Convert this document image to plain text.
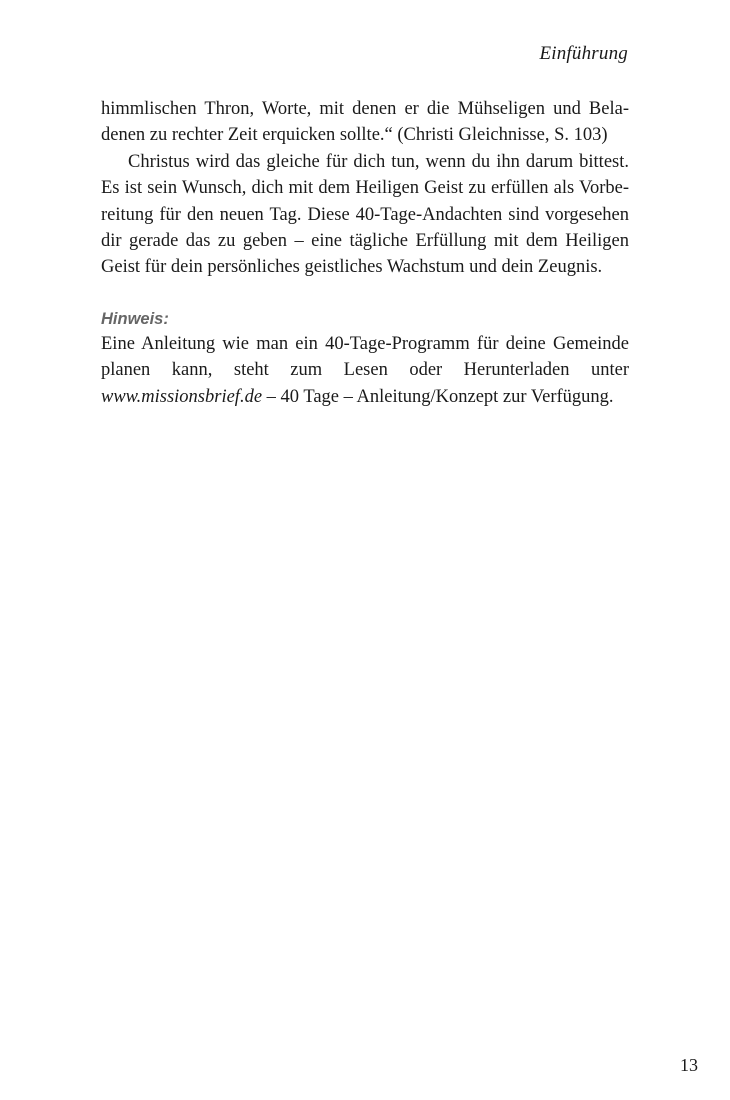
Einführung

himmlischen Thron, Worte, mit denen er die Mühseligen und Beladenen zu rechter Zeit erquicken sollte.“ (Christi Gleichnisse, S. 103)

Christus wird das gleiche für dich tun, wenn du ihn darum bittest. Es ist sein Wunsch, dich mit dem Heiligen Geist zu erfüllen als Vorbereitung für den neuen Tag. Diese 40-Tage-Andachten sind vorgesehen dir gerade das zu geben – eine tägliche Erfüllung mit dem Heiligen Geist für dein persönliches geistliches Wachstum und dein Zeugnis.

Hinweis:

Eine Anleitung wie man ein 40-Tage-Programm für deine Gemeinde planen kann, steht zum Lesen oder Herunterladen unter www.missionsbrief.de – 40 Tage – Anleitung/Konzept zur Verfügung.

13
